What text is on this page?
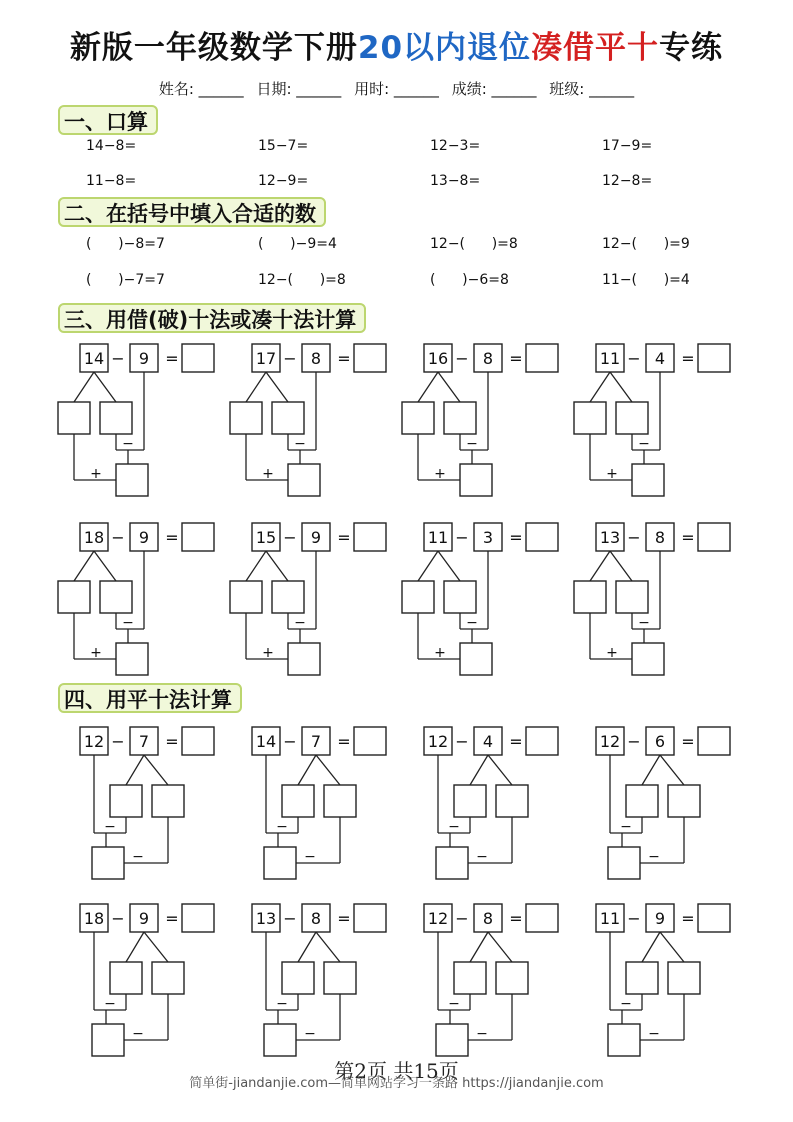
新版一年级数学下册20以内退位凑借平十专练
姓名: ______ 日期: ______ 用时: ______ 成绩: ______ 班级: ______
一、口算
14−8=	15−7=	12−3=	17−9=
11−8=	12−9=	13−8=	12−8=
二、在括号中填入合适的数
(      )−8=7	(      )−9=4	12−(      )=8	12−(      )=9
(      )−7=7	12−(      )=8	(      )−6=8	11−(      )=4
三、用借(破)十法或凑十法计算
四、用平十法计算
14 − 9 =
−
+
17 − 8 =
−
+
16 − 8 =
−
+
11 − 4 =
−
+
18 − 9 =
−
+
15 − 9 =
−
+
11 − 3 =
−
+
13 − 8 =
−
+
12 − 7 =
−
−
14 − 7 =
−
−
12 − 4 =
−
−
12 − 6 =
−
−
18 − 9 =
−
−
13 − 8 =
−
−
12 − 8 =
−
−
11 − 9 =
−
−
第2页 共15页
简单街-jiandanjie.com—简单网站学习一条路 https://jiandanjie.com
